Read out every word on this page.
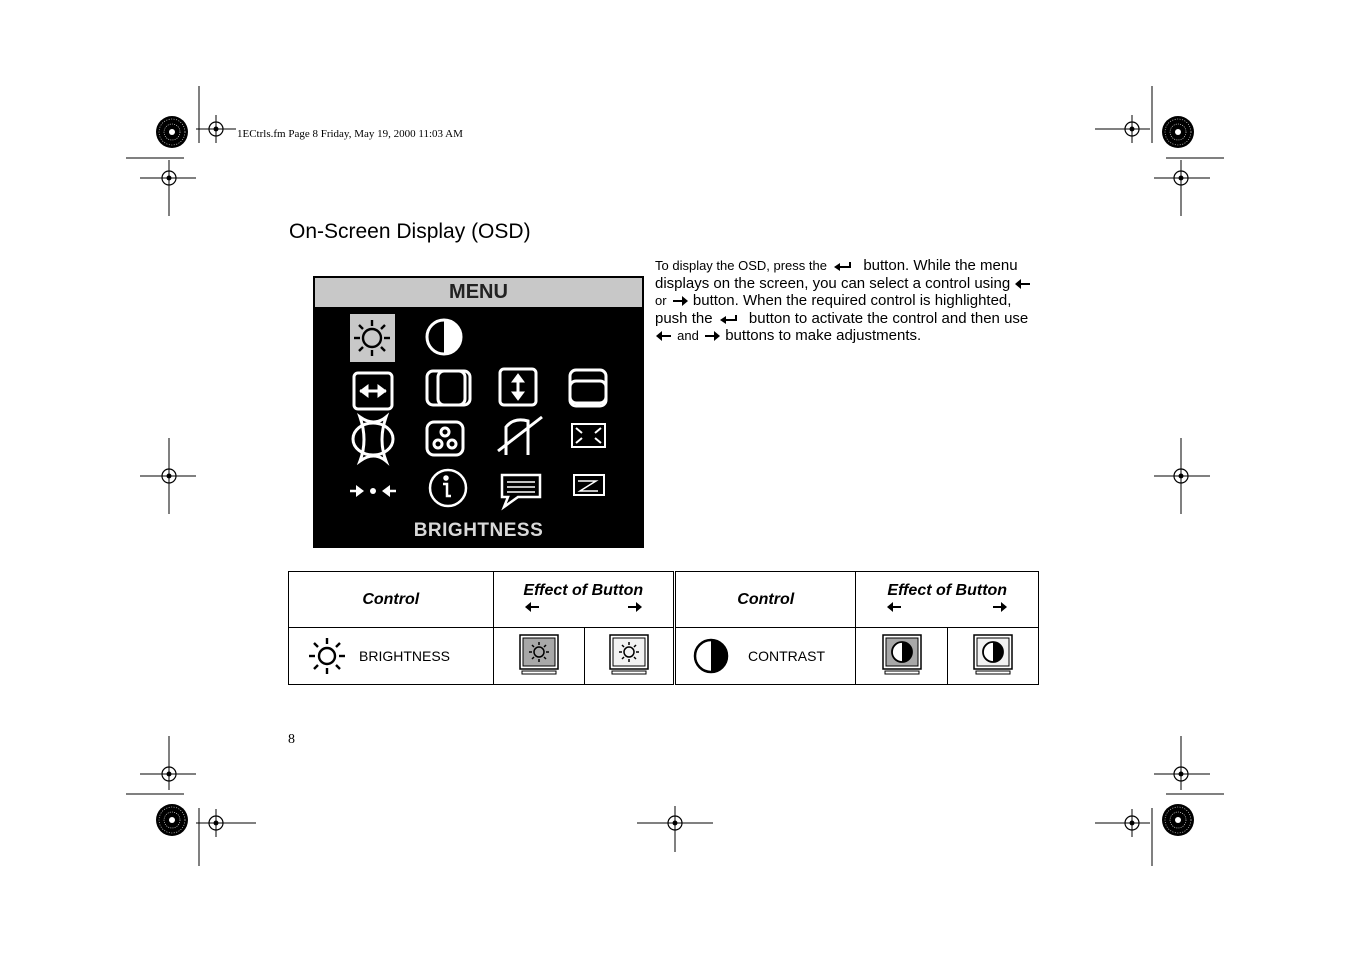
1ECtrls.fm Page 8 Friday, May 19, 2000 11:03 AM
On-Screen Display (OSD)
MENU
BRIGHTNESS
To display the OSD, press the button. While the menu displays on the screen, you can select a control using  or button. When the required control is highlighted, push the button to activate the control and then use  and buttons to make adjustments.
Control	Effect of Button		Control	Effect of Button	

BRIGHTNESS			CONTRAST

8
